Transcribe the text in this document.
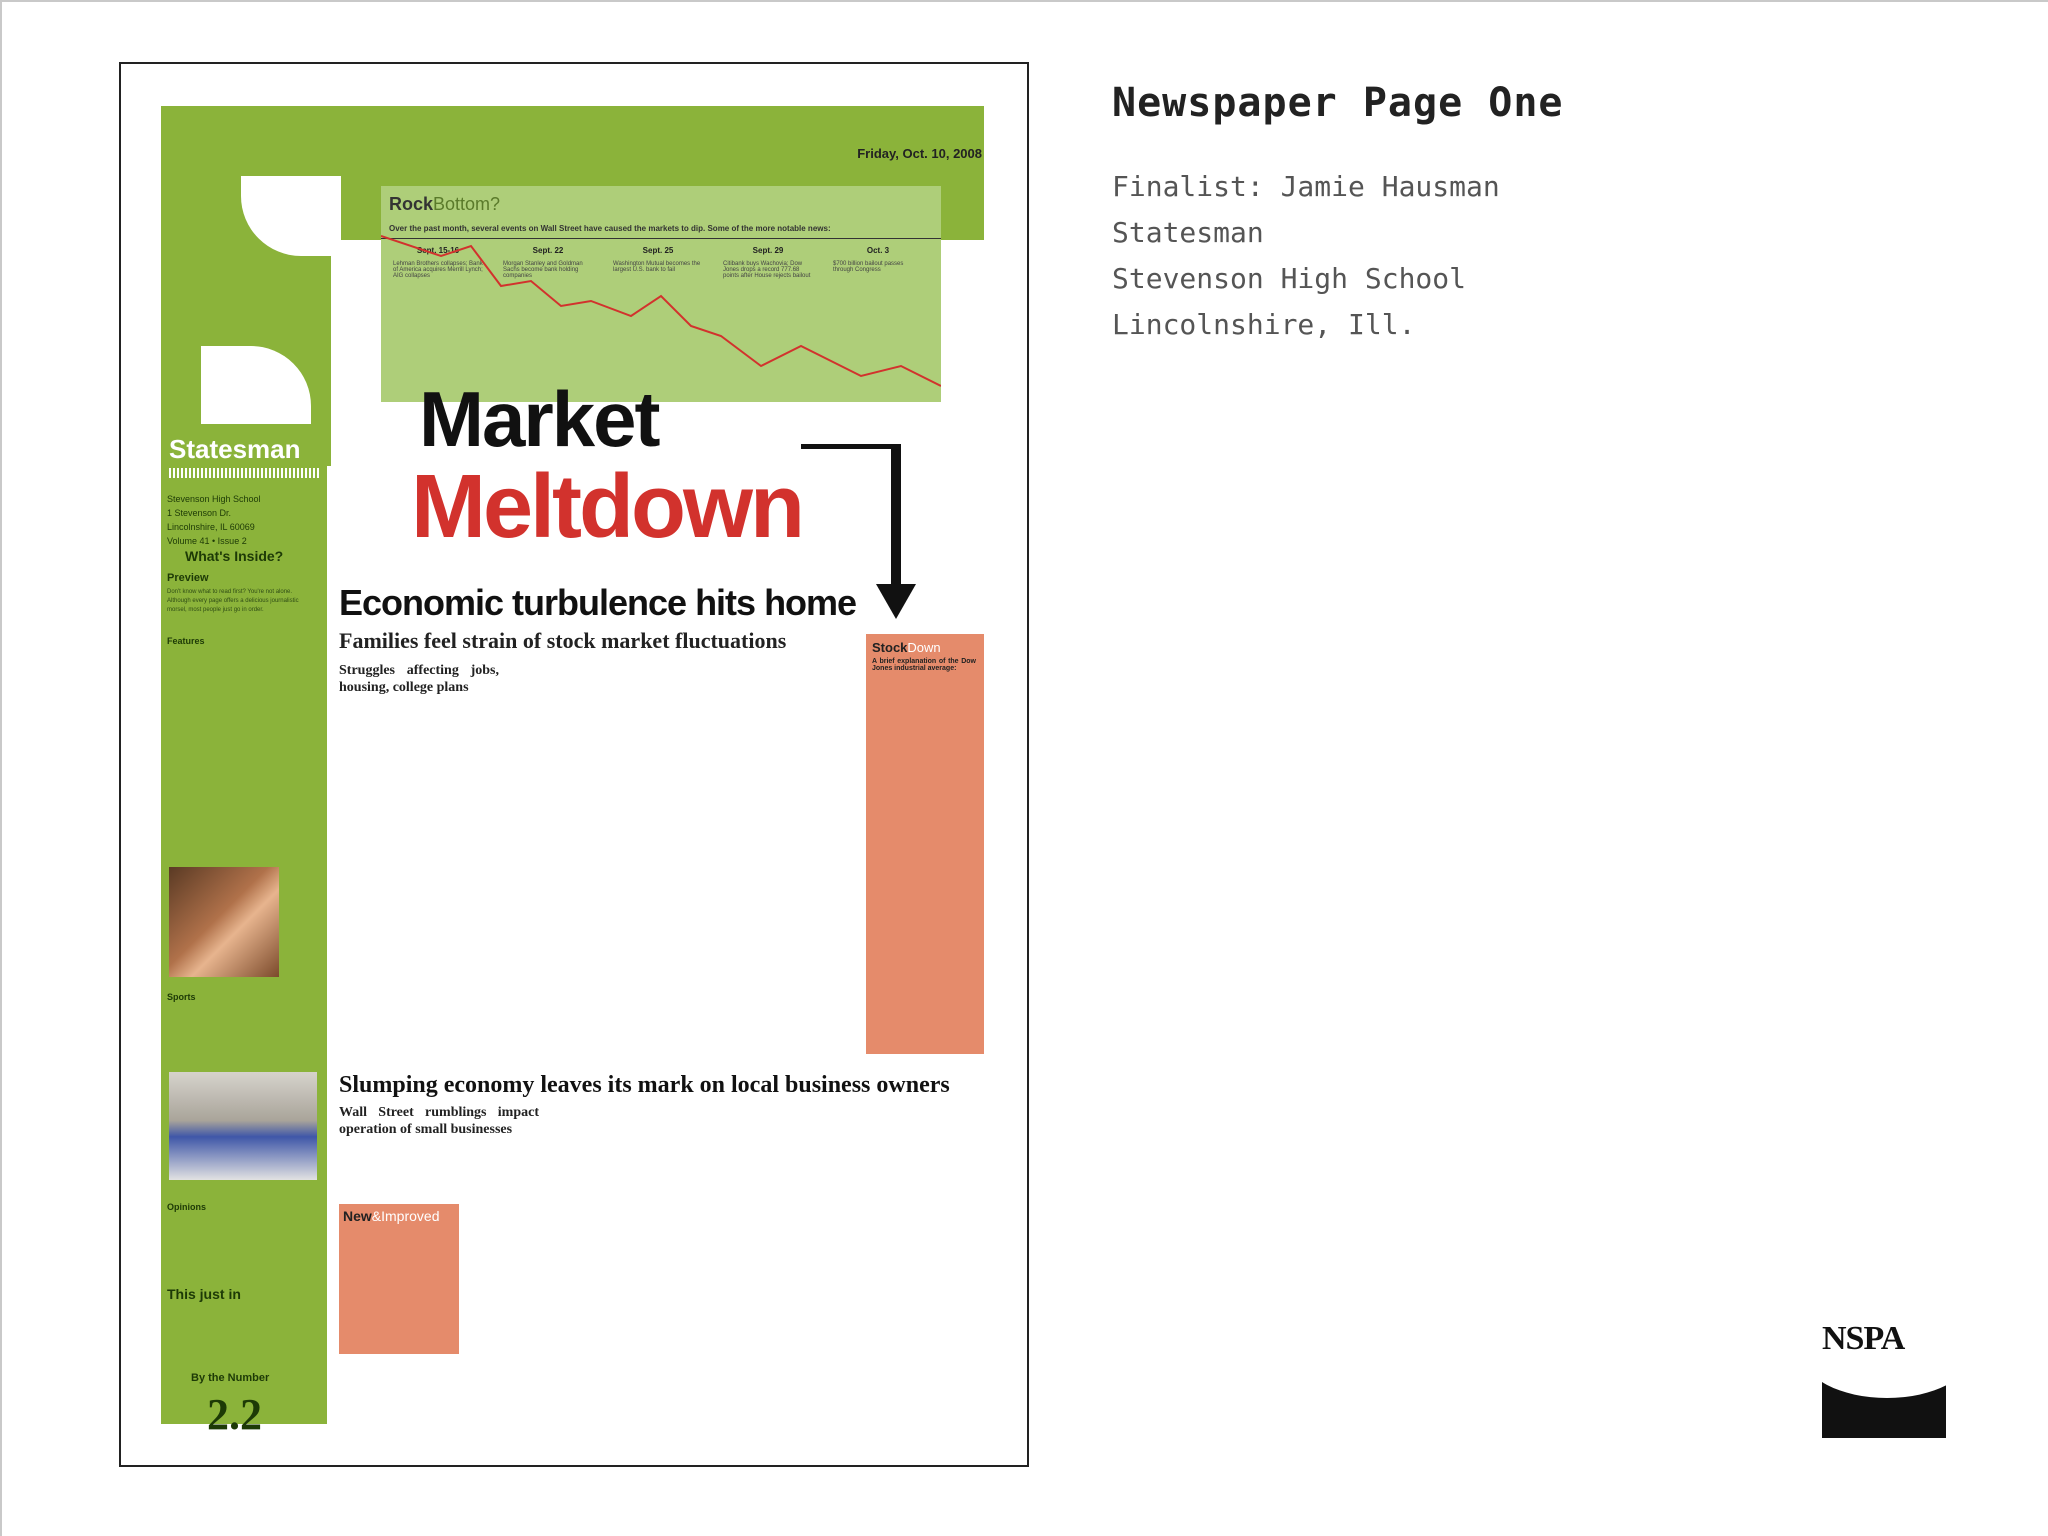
Friday, Oct. 10, 2008
RockBottom?
Over the past month, several events on Wall Street have caused the markets to dip. Some of the more notable news:
Sept. 15-16
Lehman Brothers collapses; Bank of America acquires Merrill Lynch; AIG collapses
Sept. 22
Morgan Stanley and Goldman Sachs become bank holding companies
Sept. 25
Washington Mutual becomes the largest U.S. bank to fail
Sept. 29
Citibank buys Wachovia; Dow Jones drops a record 777.68 points after House rejects bailout
Oct. 3
$700 billion bailout passes through Congress
Statesman
Stevenson High School
1 Stevenson Dr.
Lincolnshire, IL 60069
Volume 41 • Issue 2
What's Inside?
Preview
Don't know what to read first? You're not alone. Although every page offers a delicious journalistic morsel, most people just go in order.
Features
Sports
Opinions
This just in
By the Number
2.2
Market
Meltdown
Economic turbulence hits home
Families feel strain of stock market fluctuations
Struggles affecting jobs, housing, college plans
StockDown
A brief explanation of the Dow Jones industrial average:
Slumping economy leaves its mark on local business owners
Wall Street rumblings impact operation of small businesses
New&Improved
Newspaper Page One
Finalist: Jamie Hausman
Statesman
Stevenson High School
Lincolnshire, Ill.
NSPA
